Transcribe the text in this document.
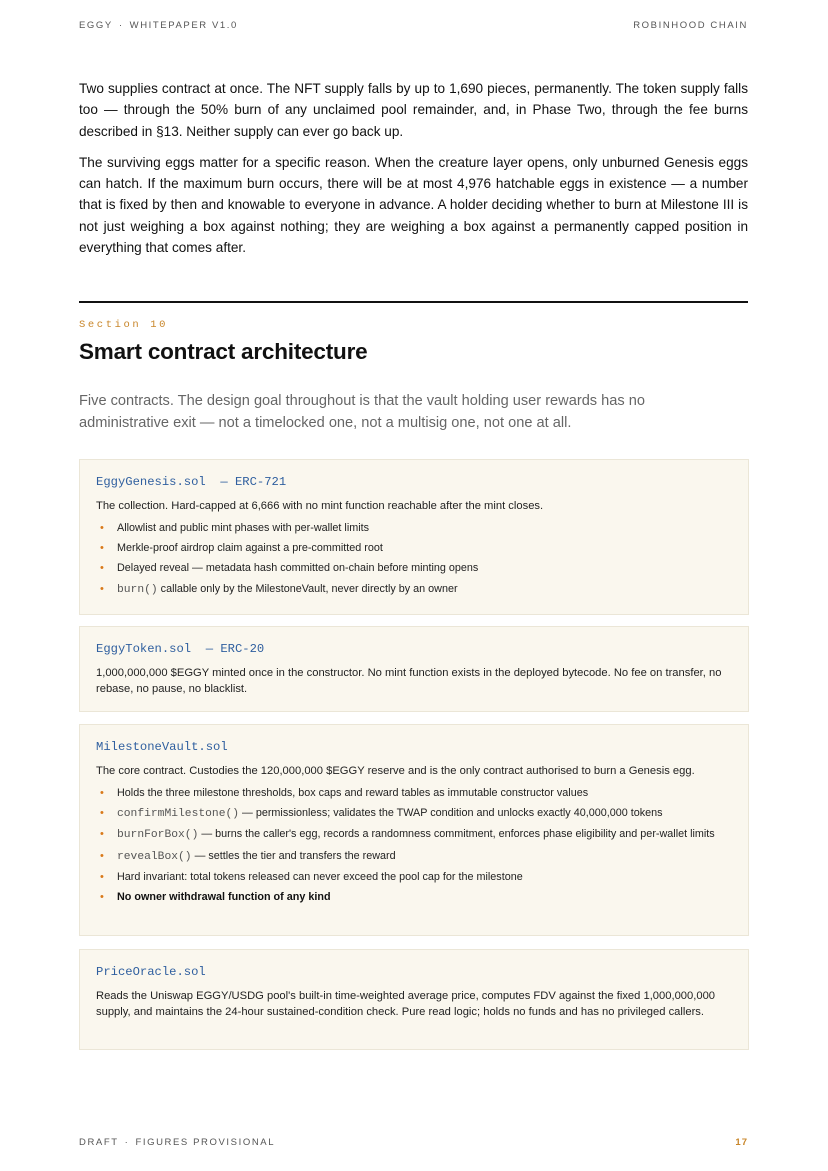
EGGY · WHITEPAPER V1.0	ROBINHOOD CHAIN

Two supplies contract at once. The NFT supply falls by up to 1,690 pieces, permanently. The token supply falls too — through the 50% burn of any unclaimed pool remainder, and, in Phase Two, through the fee burns described in §13. Neither supply can ever go back up.

The surviving eggs matter for a specific reason. When the creature layer opens, only unburned Genesis eggs can hatch. If the maximum burn occurs, there will be at most 4,976 hatchable eggs in existence — a number that is fixed by then and knowable to everyone in advance. A holder deciding whether to burn at Milestone III is not just weighing a box against nothing; they are weighing a box against a permanently capped position in everything that comes after.

Section 10
Smart contract architecture
Five contracts. The design goal throughout is that the vault holding user rewards has no administrative exit — not a timelocked one, not a multisig one, not one at all.
EggyGenesis.sol  — ERC-721

The collection. Hard-capped at 6,666 with no mint function reachable after the mint closes.

• Allowlist and public mint phases with per-wallet limits
• Merkle-proof airdrop claim against a pre-committed root
• Delayed reveal — metadata hash committed on-chain before minting opens
• burn() callable only by the MilestoneVault, never directly by an owner
EggyToken.sol  — ERC-20

1,000,000,000 $EGGY minted once in the constructor. No mint function exists in the deployed bytecode. No fee on transfer, no rebase, no pause, no blacklist.

MilestoneVault.sol

The core contract. Custodies the 120,000,000 $EGGY reserve and is the only contract authorised to burn a Genesis egg.

• Holds the three milestone thresholds, box caps and reward tables as immutable constructor values
• confirmMilestone() — permissionless; validates the TWAP condition and unlocks exactly 40,000,000 tokens
• burnForBox() — burns the caller's egg, records a randomness commitment, enforces phase eligibility and per-wallet limits
• revealBox() — settles the tier and transfers the reward
• Hard invariant: total tokens released can never exceed the pool cap for the milestone
• No owner withdrawal function of any kind
PriceOracle.sol

Reads the Uniswap EGGY/USDG pool's built-in time-weighted average price, computes FDV against the fixed 1,000,000,000 supply, and maintains the 24-hour sustained-condition check. Pure read logic; holds no funds and has no privileged callers.

DRAFT · FIGURES PROVISIONAL	17
